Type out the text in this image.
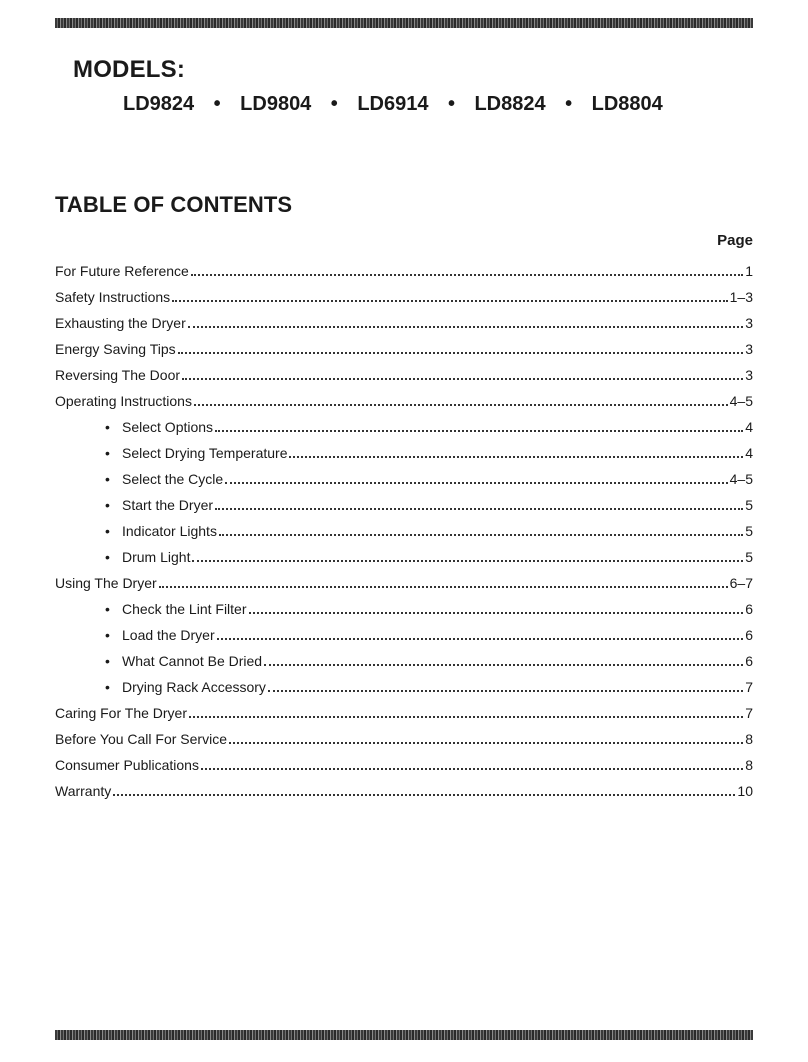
MODELS:
LD9824 • LD9804 • LD6914 • LD8824 • LD8804
TABLE OF CONTENTS
Page
For Future Reference	1
Safety Instructions	1–3
Exhausting the Dryer	3
Energy Saving Tips	3
Reversing The Door	3
Operating Instructions	4–5
• Select Options	4
• Select Drying Temperature	4
• Select the Cycle	4–5
• Start the Dryer	5
• Indicator Lights	5
• Drum Light	5
Using The Dryer	6–7
• Check the Lint Filter	6
• Load the Dryer	6
• What Cannot Be Dried	6
• Drying Rack Accessory	7
Caring For The Dryer	7
Before You Call For Service	8
Consumer Publications	8
Warranty	10
